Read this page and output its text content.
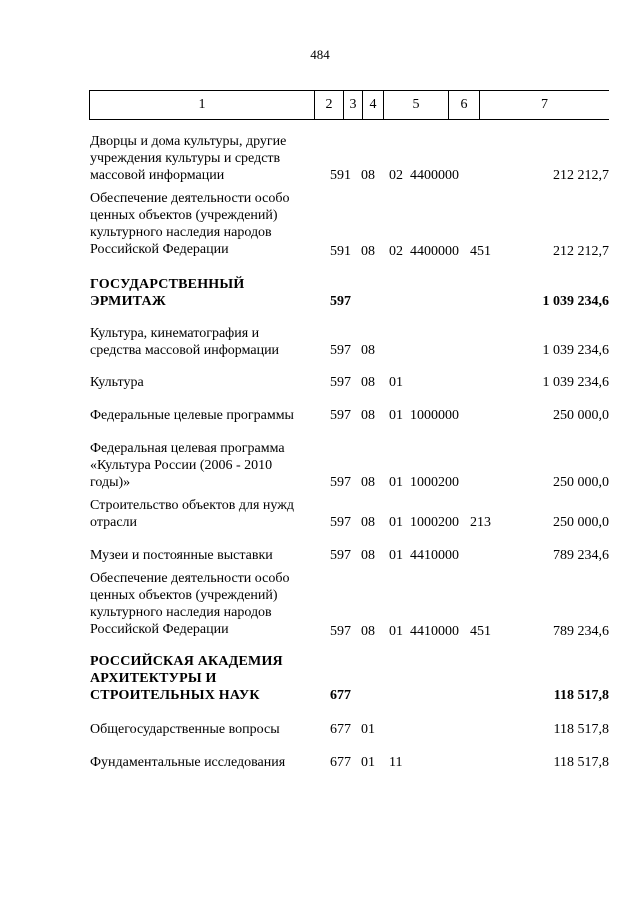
484
1	2	3	4	5	6	7
Дворцы и дома культуры, другие учреждения культуры и средств массовой информации	591 08 02 4400000	212 212,7
Обеспечение деятельности особо ценных объектов (учреждений) культурного наследия народов Российской Федерации	591 08 02 4400000 451	212 212,7
ГОСУДАРСТВЕННЫЙ ЭРМИТАЖ	597	1 039 234,6
Культура, кинематография и средства массовой информации	597 08	1 039 234,6
Культура	597 08 01	1 039 234,6
Федеральные целевые программы	597 08 01 1000000	250 000,0
Федеральная целевая программа «Культура России (2006 - 2010 годы)»	597 08 01 1000200	250 000,0
Строительство объектов для нужд отрасли	597 08 01 1000200 213	250 000,0
Музеи и постоянные выставки	597 08 01 4410000	789 234,6
Обеспечение деятельности особо ценных объектов (учреждений) культурного наследия народов Российской Федерации	597 08 01 4410000 451	789 234,6
РОССИЙСКАЯ АКАДЕМИЯ АРХИТЕКТУРЫ И СТРОИТЕЛЬНЫХ НАУК	677	118 517,8
Общегосударственные вопросы	677 01	118 517,8
Фундаментальные исследования	677 01 11	118 517,8
